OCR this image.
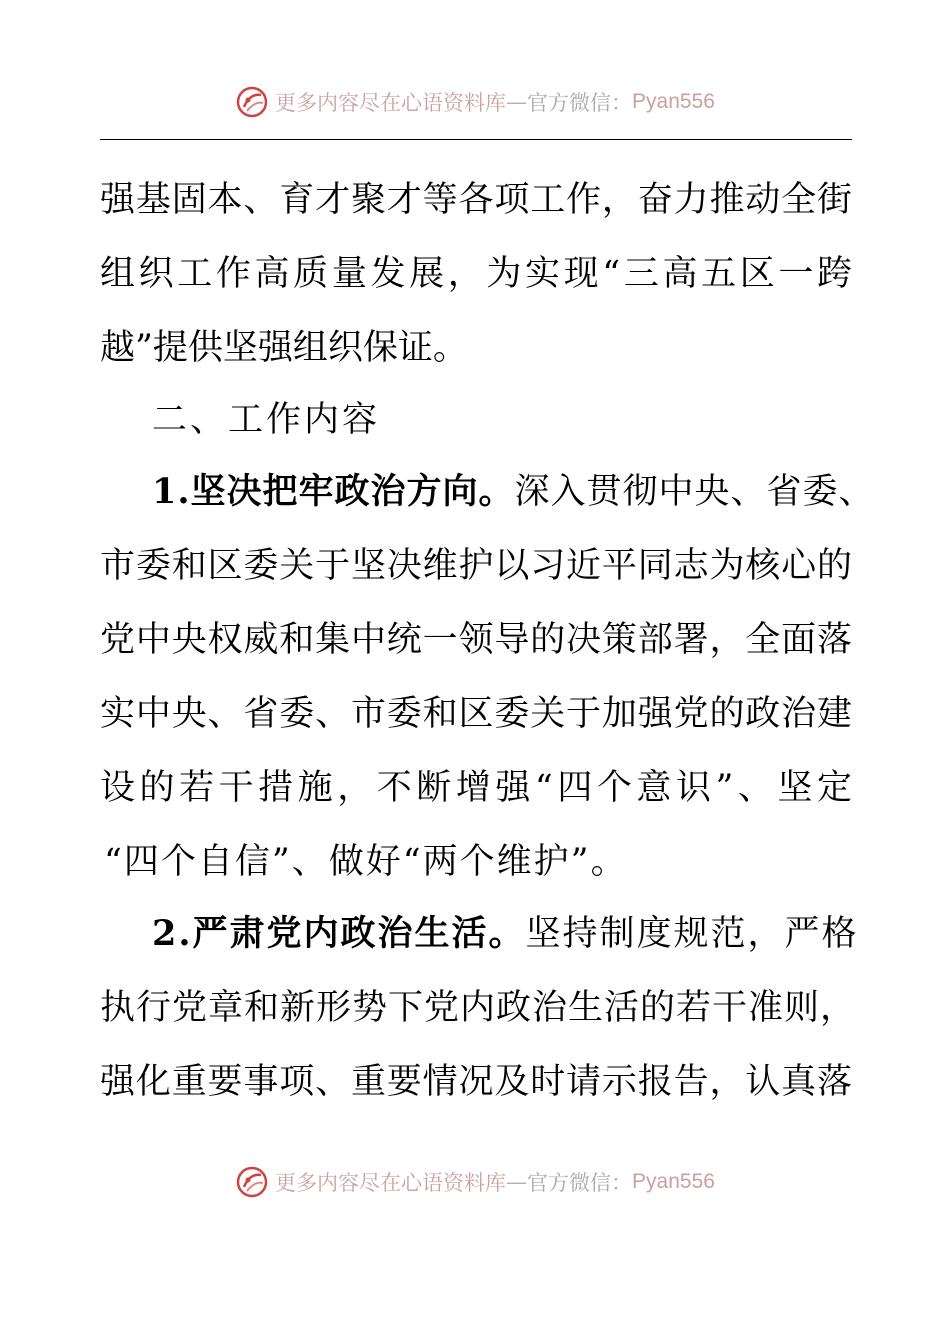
更多内容尽在心语资料库 — 官方微信： Pyan556
强基固本、育才聚才等各项工作，奋力推动全街
组织工作高质量发展，为实现“三高五区一跨
越”提供坚强组织保证。
二、工作内容
1.坚决把牢政治方向。深入贯彻中央、省委、
市委和区委关于坚决维护以习近平同志为核心的
党中央权威和集中统一领导的决策部署，全面落
实中央、省委、市委和区委关于加强党的政治建
设的若干措施，不断增强“四个意识”、坚定
“四个自信”、做好“两个维护”。
2.严肃党内政治生活。坚持制度规范，严格
执行党章和新形势下党内政治生活的若干准则，
强化重要事项、重要情况及时请示报告，认真落
更多内容尽在心语资料库 — 官方微信： Pyan556
